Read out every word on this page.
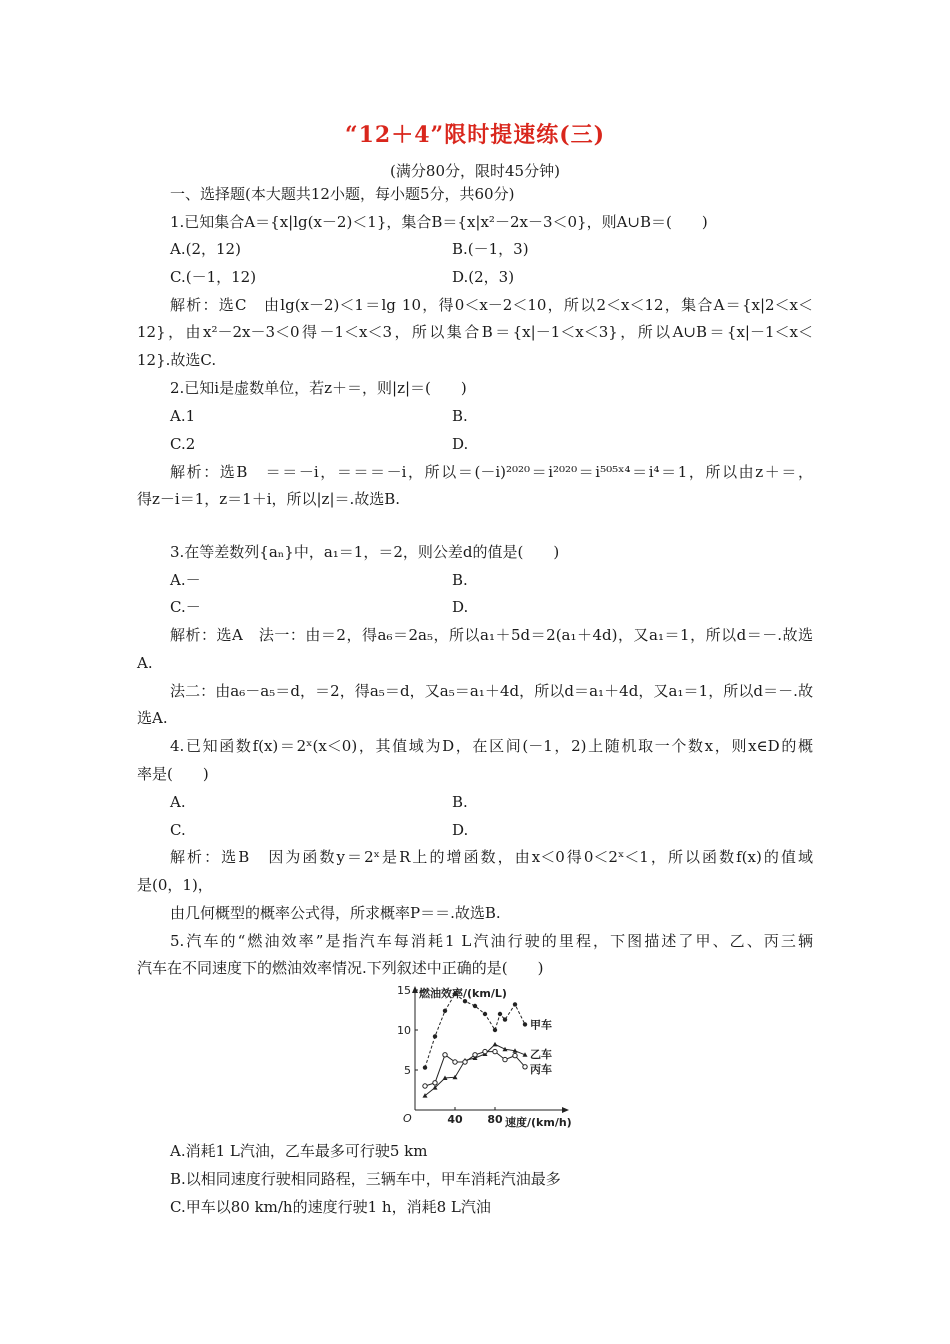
“12＋4”限时提速练(三)
(满分80分，限时45分钟)
一、选择题(本大题共12小题，每小题5分，共60分)
1.已知集合A＝{x|lg(x－2)＜1}，集合B＝{x|x²－2x－3＜0}，则A∪B＝(　　)
A.(2，12)	B.(－1，3)
C.(－1，12)	D.(2，3)
解析：选C　由lg(x－2)＜1＝lg 10，得0＜x－2＜10，所以2＜x＜12，集合A＝{x|2＜x＜
12}，由x²－2x－3＜0得－1＜x＜3，所以集合B＝{x|－1＜x＜3}，所以A∪B＝{x|－1＜x＜
12}.故选C.
2.已知i是虚数单位，若z＋＝，则|z|＝(　　)
A.1	B.
C.2	D.
解析：选B　＝＝－i，＝＝＝－i，所以＝(－i)²⁰²⁰＝i²⁰²⁰＝i⁵⁰⁵ˣ⁴＝i⁴＝1，所以由z＋＝，
得z－i＝1，z＝1＋i，所以|z|＝.故选B.
3.在等差数列{aₙ}中，a₁＝1，＝2，则公差d的值是(　　)
A.－	B.
C.－	D.
解析：选A　法一：由＝2，得a₆＝2a₅，所以a₁＋5d＝2(a₁＋4d)，又a₁＝1，所以d＝－.故选
A.
法二：由a₆－a₅＝d，＝2，得a₅＝d，又a₅＝a₁＋4d，所以d＝a₁＋4d，又a₁＝1，所以d＝－.故
选A.
4.已知函数f(x)＝2ˣ(x＜0)，其值域为D，在区间(－1，2)上随机取一个数x，则x∈D的概
率是(　　)
A.	B.
C.	D.
解析：选B　因为函数y＝2ˣ是R上的增函数，由x＜0得0＜2ˣ＜1，所以函数f(x)的值域
是(0，1)，
由几何概型的概率公式得，所求概率P＝＝.故选B.
5.汽车的“燃油效率”是指汽车每消耗1 L汽油行驶的里程，下图描述了甲、乙、丙三辆
汽车在不同速度下的燃油效率情况.下列叙述中正确的是(　　)
O
5
10
15
40 80
燃油效率/(km/L)
速度/(km/h)
甲车
乙车
丙车
A.消耗1 L汽油，乙车最多可行驶5 km
B.以相同速度行驶相同路程，三辆车中，甲车消耗汽油最多
C.甲车以80 km/h的速度行驶1 h，消耗8 L汽油
